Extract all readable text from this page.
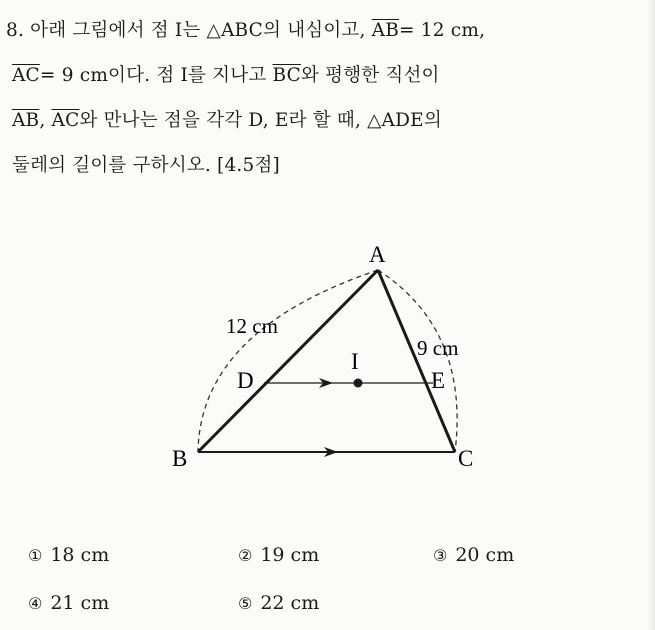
8. 아래 그림에서 점 I는 △ABC의 내심이고, $\overline{AB}= 12$ cm,
$\overline{AC}= 9$ cm이다. 점 I를 지나고 $\overline{BC}$와 평행한 직선이
$\overline{AB}$, $\overline{AC}$와 만나는 점을 각각 D, E라 할 때, △ADE의
둘레의 길이를 구하시오. [4.5점]
A
B	C
D	E
I
12 cm
9 cm
① 18 cm	② 19 cm	③ 20 cm
④ 21 cm	⑤ 22 cm
